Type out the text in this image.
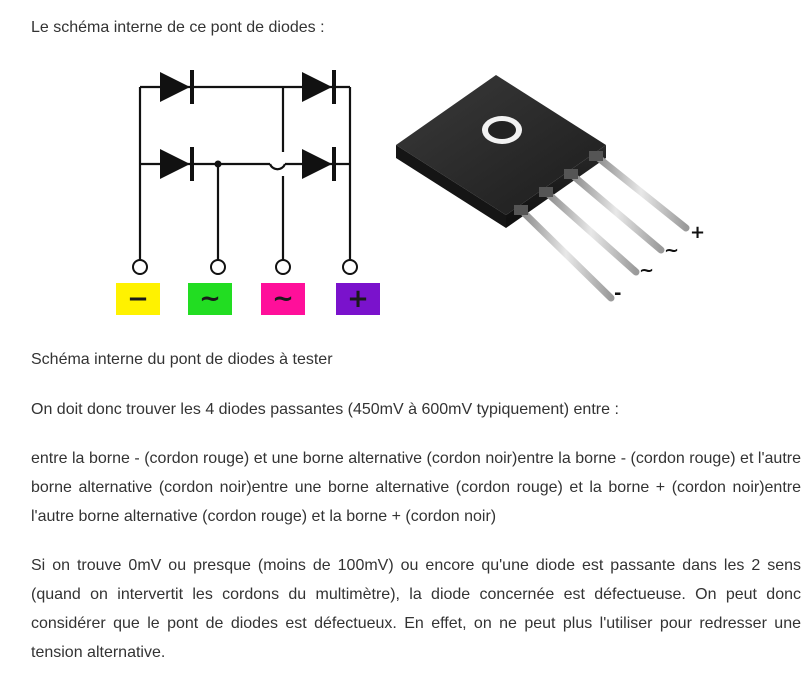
Le schéma interne de ce pont de diodes :

−	~	~	+
+
~
~
-

Schéma interne du pont de diodes à tester

On doit donc trouver les 4 diodes passantes (450mV à 600mV typiquement) entre :

entre la borne - (cordon rouge) et une borne alternative (cordon noir)entre la borne - (cordon rouge) et l'autre borne alternative (cordon noir)entre une borne alternative (cordon rouge) et la borne + (cordon noir)entre l'autre borne alternative (cordon rouge) et la borne + (cordon noir)

Si on trouve 0mV ou presque (moins de 100mV) ou encore qu'une diode est passante dans les 2 sens (quand on intervertit les cordons du multimètre), la diode concernée est défectueuse. On peut donc considérer que le pont de diodes est défectueux. En effet, on ne peut plus l'utiliser pour redresser une tension alternative.
